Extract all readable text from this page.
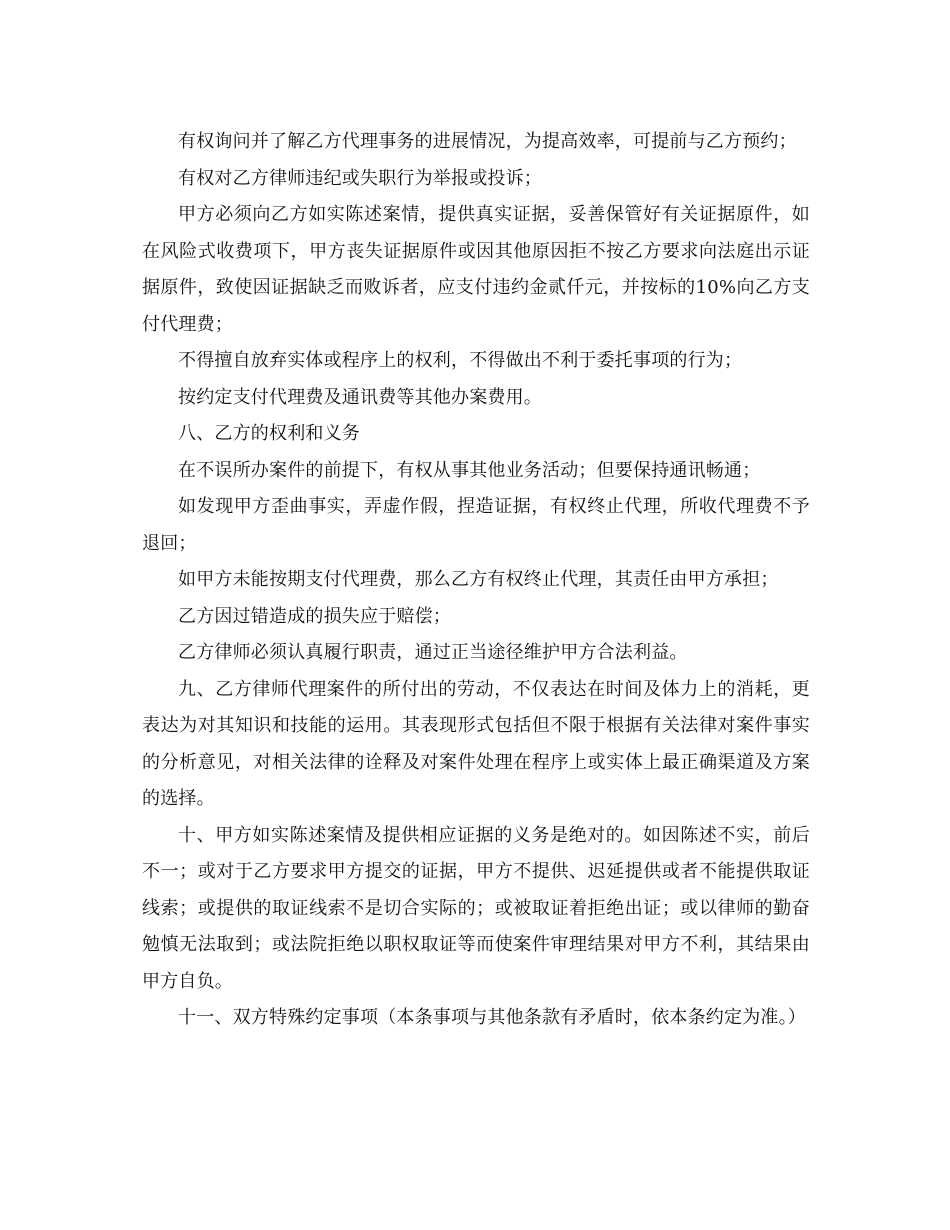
有权询问并了解乙方代理事务的进展情况，为提高效率，可提前与乙方预约；

有权对乙方律师违纪或失职行为举报或投诉；

甲方必须向乙方如实陈述案情，提供真实证据，妥善保管好有关证据原件，如在风险式收费项下，甲方丧失证据原件或因其他原因拒不按乙方要求向法庭出示证据原件，致使因证据缺乏而败诉者，应支付违约金贰仟元，并按标的10%向乙方支付代理费；

不得擅自放弃实体或程序上的权利，不得做出不利于委托事项的行为；

按约定支付代理费及通讯费等其他办案费用。

八、乙方的权利和义务

在不误所办案件的前提下，有权从事其他业务活动；但要保持通讯畅通；

如发现甲方歪曲事实，弄虚作假，捏造证据，有权终止代理，所收代理费不予退回；

如甲方未能按期支付代理费，那么乙方有权终止代理，其责任由甲方承担；

乙方因过错造成的损失应于赔偿；

乙方律师必须认真履行职责，通过正当途径维护甲方合法利益。

九、乙方律师代理案件的所付出的劳动，不仅表达在时间及体力上的消耗，更表达为对其知识和技能的运用。其表现形式包括但不限于根据有关法律对案件事实的分析意见，对相关法律的诠释及对案件处理在程序上或实体上最正确渠道及方案的选择。

十、甲方如实陈述案情及提供相应证据的义务是绝对的。如因陈述不实，前后不一；或对于乙方要求甲方提交的证据，甲方不提供、迟延提供或者不能提供取证线索；或提供的取证线索不是切合实际的；或被取证着拒绝出证；或以律师的勤奋勉慎无法取到；或法院拒绝以职权取证等而使案件审理结果对甲方不利，其结果由甲方自负。

十一、双方特殊约定事项（本条事项与其他条款有矛盾时，依本条约定为准。）
